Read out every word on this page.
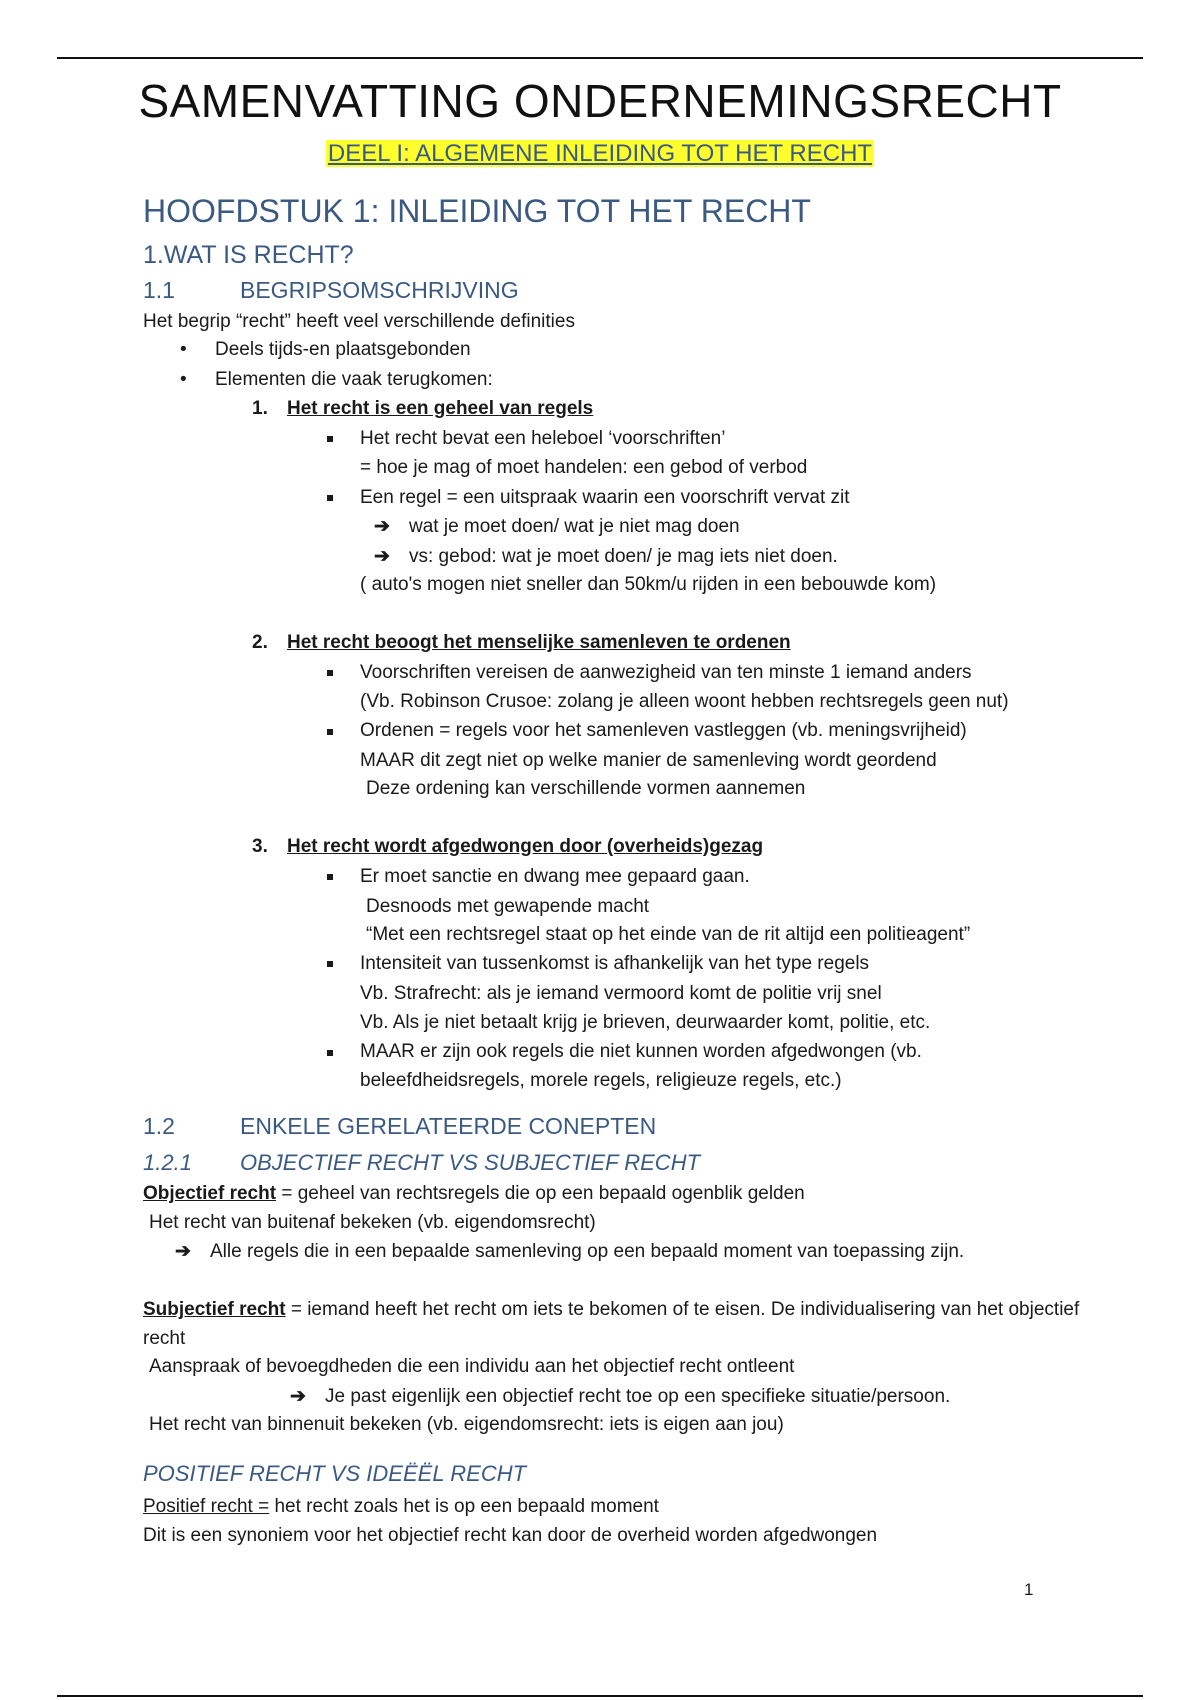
SAMENVATTING ONDERNEMINGSRECHT
DEEL I: ALGEMENE INLEIDING TOT HET RECHT
HOOFDSTUK 1: INLEIDING TOT HET RECHT
1.WAT IS RECHT?
1.1	BEGRIPSOMSCHRIJVING
Het begrip “recht” heeft veel verschillende definities
• Deels tijds-en plaatsgebonden
• Elementen die vaak terugkomen:
1. Het recht is een geheel van regels
Het recht bevat een heleboel ‘voorschriften’
= hoe je mag of moet handelen: een gebod of verbod
Een regel = een uitspraak waarin een voorschrift vervat zit
➔ wat je moet doen/ wat je niet mag doen
➔ vs: gebod: wat je moet doen/ je mag iets niet doen.
( auto's mogen niet sneller dan 50km/u rijden in een bebouwde kom)
2. Het recht beoogt het menselijke samenleven te ordenen
Voorschriften vereisen de aanwezigheid van ten minste 1 iemand anders
(Vb. Robinson Crusoe: zolang je alleen woont hebben rechtsregels geen nut)
Ordenen = regels voor het samenleven vastleggen (vb. meningsvrijheid)
MAAR dit zegt niet op welke manier de samenleving wordt geordend
Deze ordening kan verschillende vormen aannemen
3. Het recht wordt afgedwongen door (overheids)gezag
Er moet sanctie en dwang mee gepaard gaan.
Desnoods met gewapende macht
“Met een rechtsregel staat op het einde van de rit altijd een politieagent”
Intensiteit van tussenkomst is afhankelijk van het type regels
Vb. Strafrecht: als je iemand vermoord komt de politie vrij snel
Vb. Als je niet betaalt krijg je brieven, deurwaarder komt, politie, etc.
MAAR er zijn ook regels die niet kunnen worden afgedwongen (vb.
beleefdheidsregels, morele regels, religieuze regels, etc.)
1.2	ENKELE GERELATEERDE CONEPTEN
1.2.1 OBJECTIEF RECHT VS SUBJECTIEF RECHT
Objectief recht = geheel van rechtsregels die op een bepaald ogenblik gelden
Het recht van buitenaf bekeken (vb. eigendomsrecht)
➔ Alle regels die in een bepaalde samenleving op een bepaald moment van toepassing zijn.
Subjectief recht = iemand heeft het recht om iets te bekomen of te eisen. De individualisering van het objectief
recht
Aanspraak of bevoegdheden die een individu aan het objectief recht ontleent
➔ Je past eigenlijk een objectief recht toe op een specifieke situatie/persoon.
Het recht van binnenuit bekeken (vb. eigendomsrecht: iets is eigen aan jou)
POSITIEF RECHT VS IDEËËL RECHT
Positief recht = het recht zoals het is op een bepaald moment
Dit is een synoniem voor het objectief recht kan door de overheid worden afgedwongen
1
